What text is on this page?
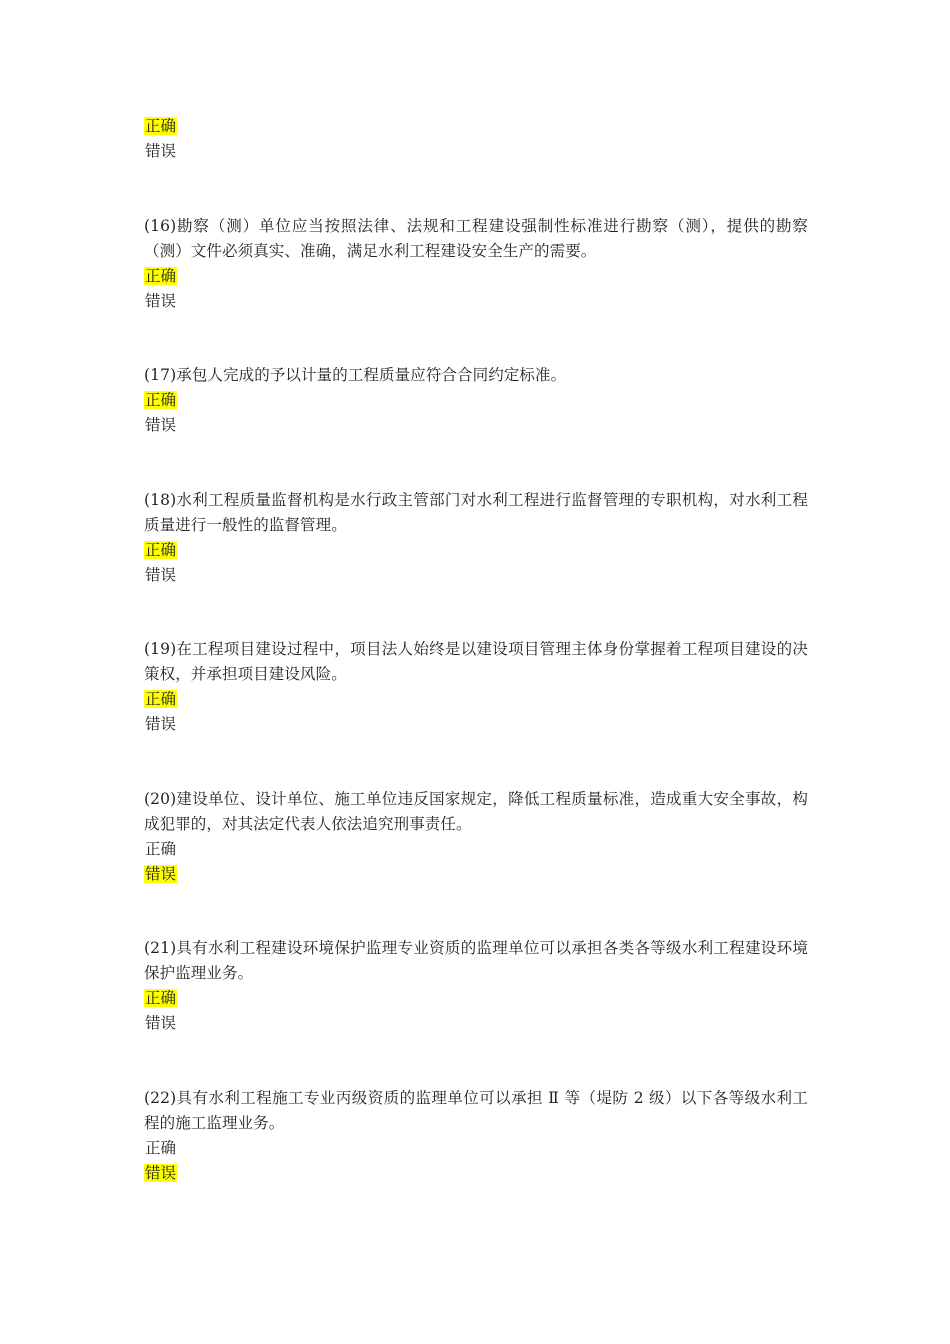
正确
错误

(16)勘察（测）单位应当按照法律、法规和工程建设强制性标准进行勘察（测），提供的勘察（测）文件必须真实、准确，满足水利工程建设安全生产的需要。

正确
错误

(17)承包人完成的予以计量的工程质量应符合合同约定标准。

正确
错误

(18)水利工程质量监督机构是水行政主管部门对水利工程进行监督管理的专职机构，对水利工程质量进行一般性的监督管理。

正确
错误

(19)在工程项目建设过程中，项目法人始终是以建设项目管理主体身份掌握着工程项目建设的决策权，并承担项目建设风险。

正确
错误

(20)建设单位、设计单位、施工单位违反国家规定，降低工程质量标准，造成重大安全事故，构成犯罪的，对其法定代表人依法追究刑事责任。

正确
错误

(21)具有水利工程建设环境保护监理专业资质的监理单位可以承担各类各等级水利工程建设环境保护监理业务。

正确
错误

(22)具有水利工程施工专业丙级资质的监理单位可以承担 Ⅱ 等（堤防 2 级）以下各等级水利工程的施工监理业务。

正确
错误
